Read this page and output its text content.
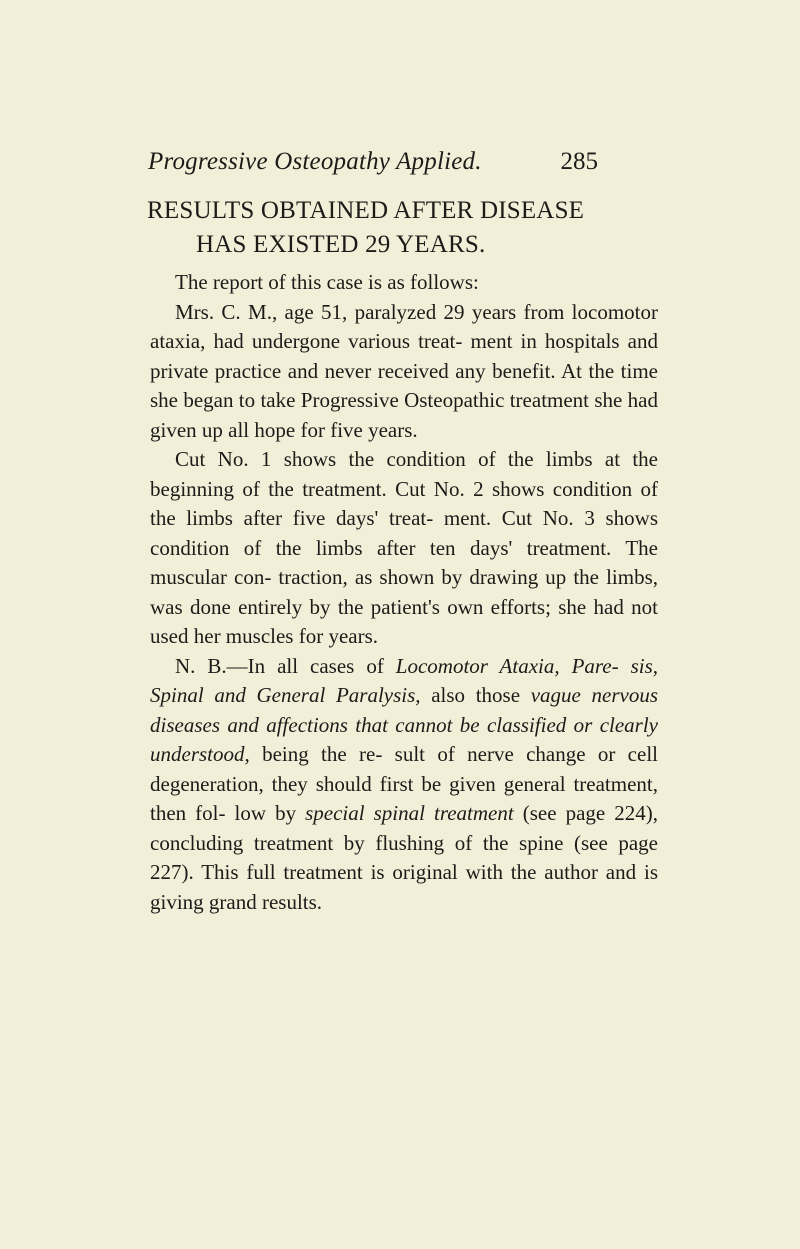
Progressive Osteopathy Applied.	285
RESULTS OBTAINED AFTER DISEASE
HAS EXISTED 29 YEARS.

The report of this case is as follows:

Mrs. C. M., age 51, paralyzed 29 years from locomotor ataxia, had undergone various treat- ment in hospitals and private practice and never received any benefit. At the time she began to take Progressive Osteopathic treatment she had given up all hope for five years.

Cut No. 1 shows the condition of the limbs at the beginning of the treatment. Cut No. 2 shows condition of the limbs after five days' treat- ment. Cut No. 3 shows condition of the limbs after ten days' treatment. The muscular con- traction, as shown by drawing up the limbs, was done entirely by the patient's own efforts; she had not used her muscles for years.

N. B.—In all cases of Locomotor Ataxia, Pare- sis, Spinal and General Paralysis, also those vague nervous diseases and affections that cannot be classified or clearly understood, being the re- sult of nerve change or cell degeneration, they should first be given general treatment, then fol- low by special spinal treatment (see page 224), concluding treatment by flushing of the spine (see page 227). This full treatment is original with the author and is giving grand results.
